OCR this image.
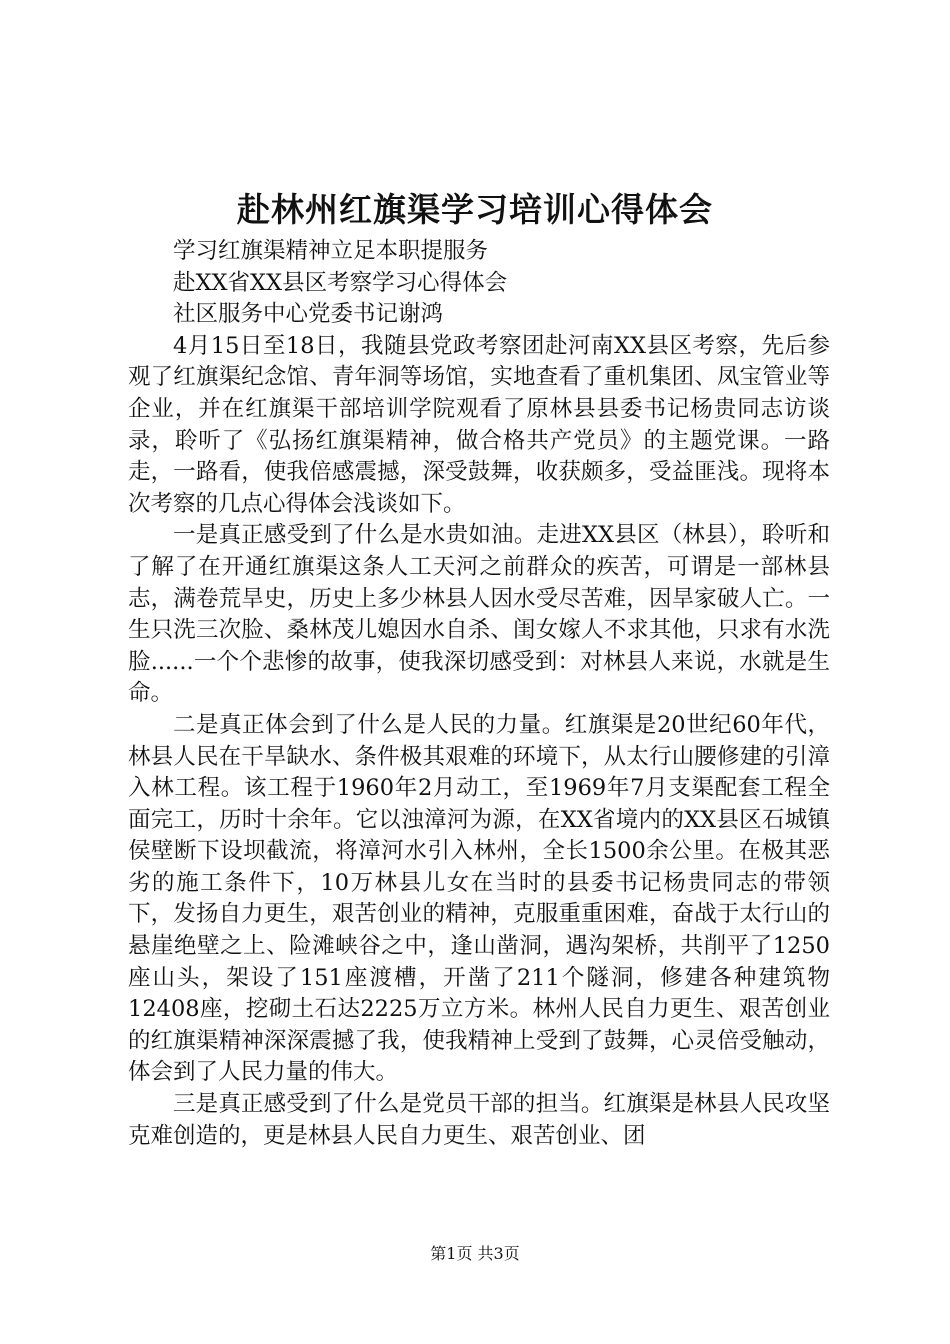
赴林州红旗渠学习培训心得体会

学习红旗渠精神立足本职提服务

赴XX省XX县区考察学习心得体会

社区服务中心党委书记谢鸿

4月15日至18日，我随县党政考察团赴河南XX县区考察，先后参观了红旗渠纪念馆、青年洞等场馆，实地查看了重机集团、凤宝管业等企业，并在红旗渠干部培训学院观看了原林县县委书记杨贵同志访谈录，聆听了《弘扬红旗渠精神，做合格共产党员》的主题党课。一路走，一路看，使我倍感震撼，深受鼓舞，收获颇多，受益匪浅。现将本次考察的几点心得体会浅谈如下。

一是真正感受到了什么是水贵如油。走进XX县区（林县），聆听和了解了在开通红旗渠这条人工天河之前群众的疾苦，可谓是一部林县志，满卷荒旱史，历史上多少林县人因水受尽苦难，因旱家破人亡。一生只洗三次脸、桑林茂儿媳因水自杀、闺女嫁人不求其他，只求有水洗脸......一个个悲惨的故事，使我深切感受到：对林县人来说，水就是生命。

二是真正体会到了什么是人民的力量。红旗渠是20世纪60年代，林县人民在干旱缺水、条件极其艰难的环境下，从太行山腰修建的引漳入林工程。该工程于1960年2月动工，至1969年7月支渠配套工程全面完工，历时十余年。它以浊漳河为源，在XX省境内的XX县区石城镇侯壁断下设坝截流，将漳河水引入林州，全长1500余公里。在极其恶劣的施工条件下，10万林县儿女在当时的县委书记杨贵同志的带领下，发扬自力更生，艰苦创业的精神，克服重重困难，奋战于太行山的悬崖绝壁之上、险滩峡谷之中，逢山凿洞，遇沟架桥，共削平了1250座山头，架设了151座渡槽，开凿了211个隧洞，修建各种建筑物12408座，挖砌土石达2225万立方米。林州人民自力更生、艰苦创业的红旗渠精神深深震撼了我，使我精神上受到了鼓舞，心灵倍受触动，体会到了人民力量的伟大。

三是真正感受到了什么是党员干部的担当。红旗渠是林县人民攻坚克难创造的，更是林县人民自力更生、艰苦创业、团

第1页 共3页
